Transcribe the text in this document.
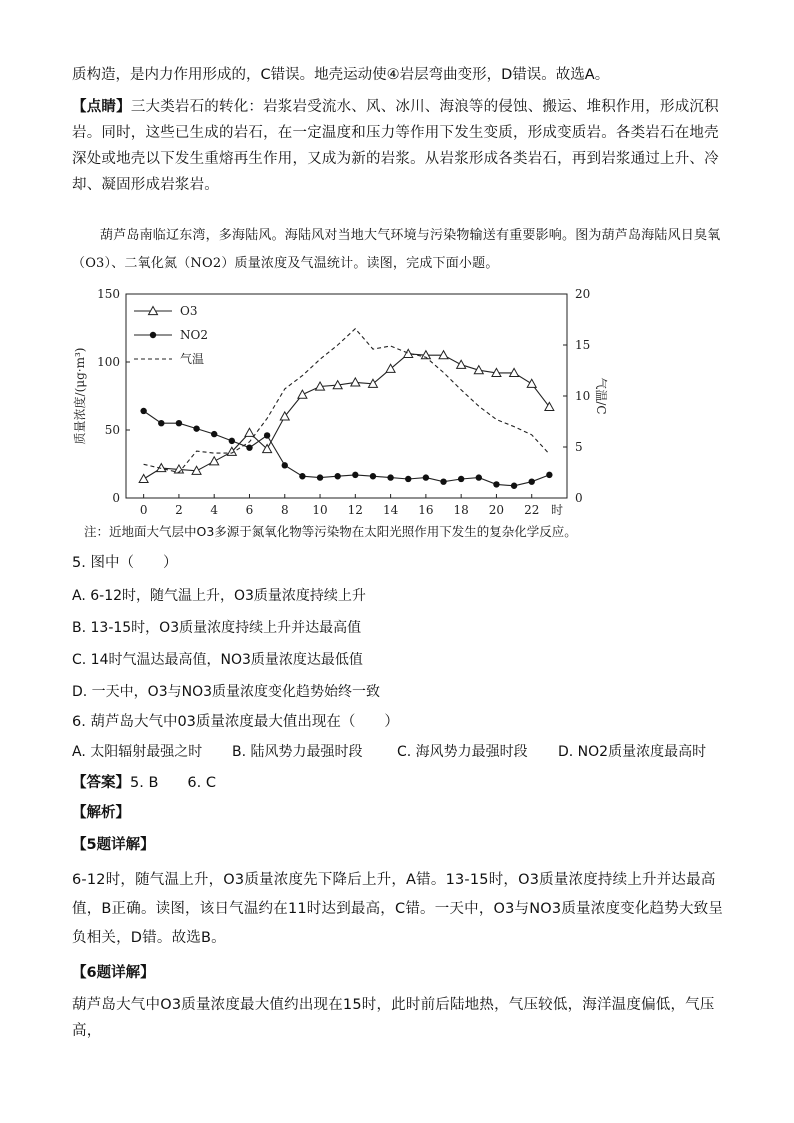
质构造，是内力作用形成的，C错误。地壳运动使④岩层弯曲变形，D错误。故选A。
【点睛】三大类岩石的转化：岩浆岩受流水、风、冰川、海浪等的侵蚀、搬运、堆积作用，形成沉积岩。同时，这些已生成的岩石，在一定温度和压力等作用下发生变质，形成变质岩。各类岩石在地壳深处或地壳以下发生重熔再生作用，又成为新的岩浆。从岩浆形成各类岩石，再到岩浆通过上升、冷却、凝固形成岩浆岩。
葫芦岛南临辽东湾，多海陆风。海陆风对当地大气环境与污染物输送有重要影响。图为葫芦岛海陆风日臭氧（O3）、二氧化氮（NO2）质量浓度及气温统计。读图，完成下面小题。
0
50
100
150
0
5
10
15
20
0 2 4 6 8 10 12 14 16 18 20 22 时
质量浓度/(μg·m³)	气温/C
O3
NO2
气温
注：近地面大气层中O3多源于氮氧化物等污染物在太阳光照作用下发生的复杂化学反应。
5. 图中（　　）
A. 6-12时，随气温上升，O3质量浓度持续上升
B. 13-15时，O3质量浓度持续上升并达最高值
C. 14时气温达最高值，NO3质量浓度达最低值
D. 一天中，O3与NO3质量浓度变化趋势始终一致
6. 葫芦岛大气中03质量浓度最大值出现在（　　）
A. 太阳辐射最强之时 B. 陆风势力最强时段 C. 海风势力最强时段 D. NO2质量浓度最高时
【答案】5. B　　6. C
【解析】
【5题详解】
6-12时，随气温上升，O3质量浓度先下降后上升，A错。13-15时，O3质量浓度持续上升并达最高值，B正确。读图，该日气温约在11时达到最高，C错。一天中，O3与NO3质量浓度变化趋势大致呈负相关，D错。故选B。
【6题详解】
葫芦岛大气中O3质量浓度最大值约出现在15时，此时前后陆地热，气压较低，海洋温度偏低，气压高，
